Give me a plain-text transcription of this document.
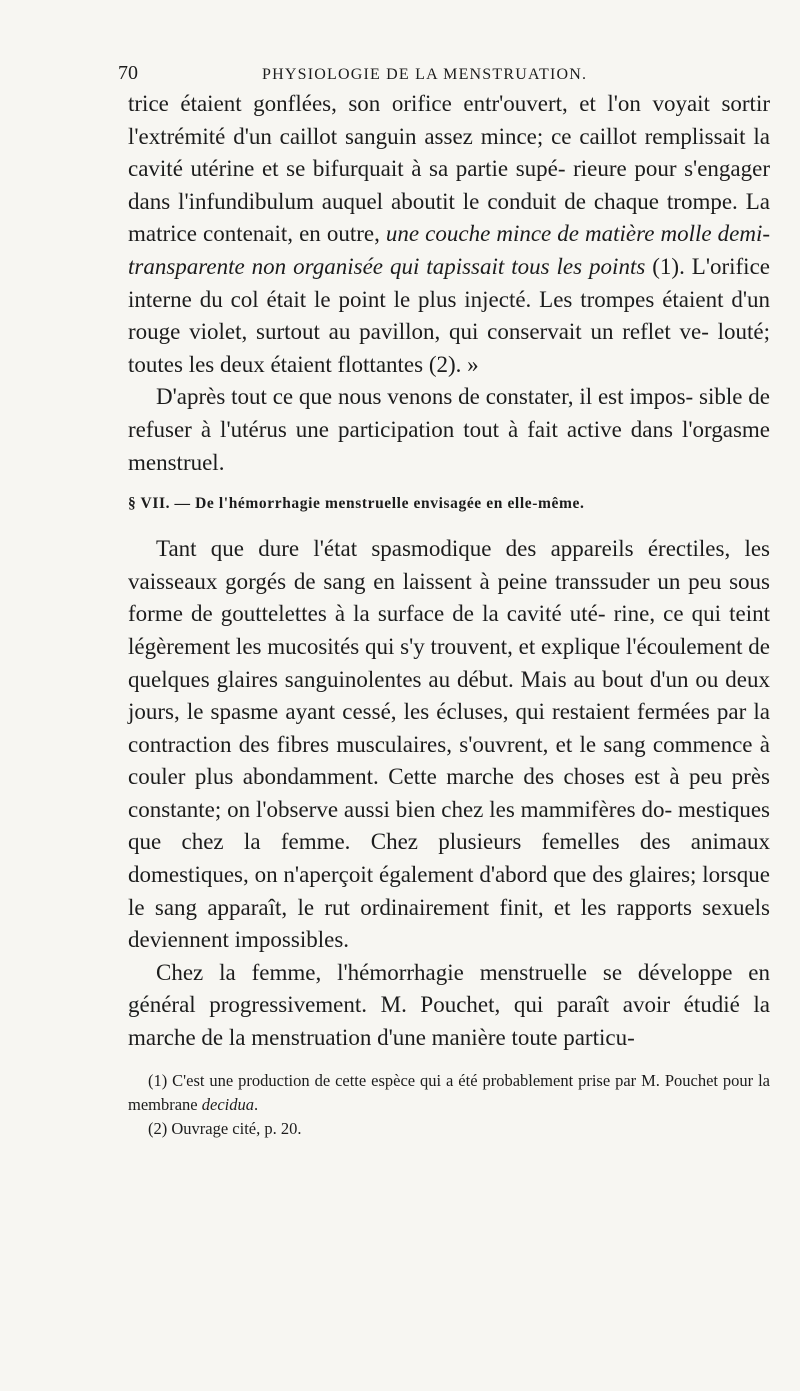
70	PHYSIOLOGIE DE LA MENSTRUATION.

trice étaient gonflées, son orifice entr'ouvert, et l'on voyait sortir l'extrémité d'un caillot sanguin assez mince; ce caillot remplissait la cavité utérine et se bifurquait à sa partie supé- rieure pour s'engager dans l'infundibulum auquel aboutit le conduit de chaque trompe. La matrice contenait, en outre, une couche mince de matière molle demi-transparente non organisée qui tapissait tous les points (1). L'orifice interne du col était le point le plus injecté. Les trompes étaient d'un rouge violet, surtout au pavillon, qui conservait un reflet ve- louté; toutes les deux étaient flottantes (2). »

D'après tout ce que nous venons de constater, il est impos- sible de refuser à l'utérus une participation tout à fait active dans l'orgasme menstruel.

§ VII. — De l'hémorrhagie menstruelle envisagée en elle-même.

Tant que dure l'état spasmodique des appareils érectiles, les vaisseaux gorgés de sang en laissent à peine transsuder un peu sous forme de gouttelettes à la surface de la cavité uté- rine, ce qui teint légèrement les mucosités qui s'y trouvent, et explique l'écoulement de quelques glaires sanguinolentes au début. Mais au bout d'un ou deux jours, le spasme ayant cessé, les écluses, qui restaient fermées par la contraction des fibres musculaires, s'ouvrent, et le sang commence à couler plus abondamment. Cette marche des choses est à peu près constante; on l'observe aussi bien chez les mammifères do- mestiques que chez la femme. Chez plusieurs femelles des animaux domestiques, on n'aperçoit également d'abord que des glaires; lorsque le sang apparaît, le rut ordinairement finit, et les rapports sexuels deviennent impossibles.

Chez la femme, l'hémorrhagie menstruelle se développe en général progressivement. M. Pouchet, qui paraît avoir étudié la marche de la menstruation d'une manière toute particu-

(1) C'est une production de cette espèce qui a été probablement prise par M. Pouchet pour la membrane decidua.

(2) Ouvrage cité, p. 20.
